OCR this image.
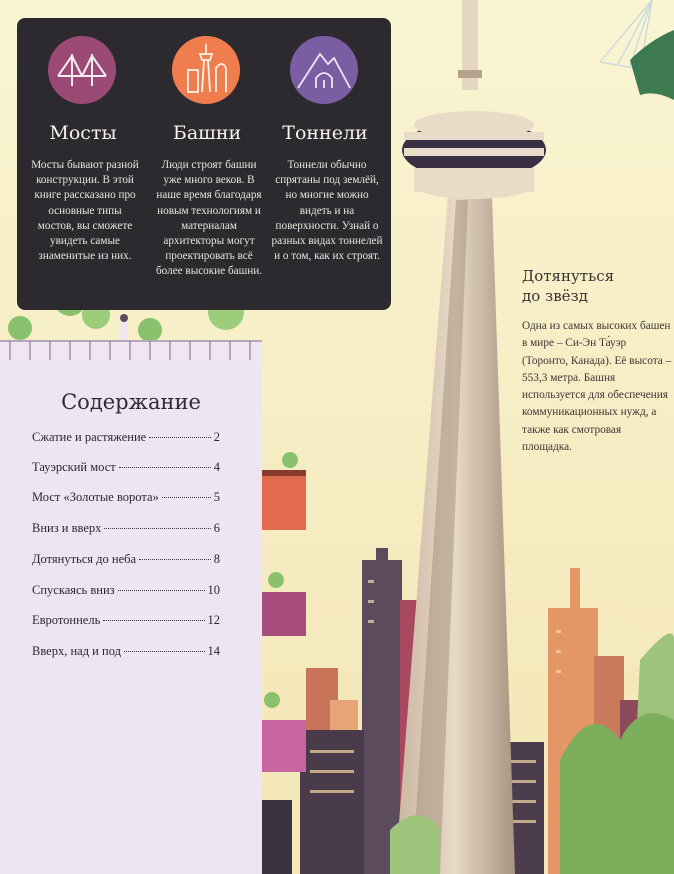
Мосты

Мосты бывают разной конструкции. В этой книге рассказано про основные типы мостов, вы сможете увидеть самые знаменитые из них.

Башни

Люди строят башни уже много веков. В наше время благодаря новым технологиям и материалам архитекторы могут проектировать всё более высокие башни.

Тоннели

Тоннели обычно спрятаны под землёй, но многие можно видеть и на поверхности. Узнай о разных видах тоннелей и о том, как их строят.

Содержание
Сжатие и растяжение	2
Тауэрский мост	4
Мост «Золотые ворота»	5
Вниз и вверх	6
Дотянуться до неба	8
Спускаясь вниз	10
Евротоннель	12
Вверх, над и под	14
Дотянуться
до звёзд

Одна из самых высоких башен в мире – Си-Эн Та́уэр (Торонто, Канада). Её высота – 553,3 метра. Башня используется для обеспечения коммуникационных нужд, а также как смотровая площадка.
